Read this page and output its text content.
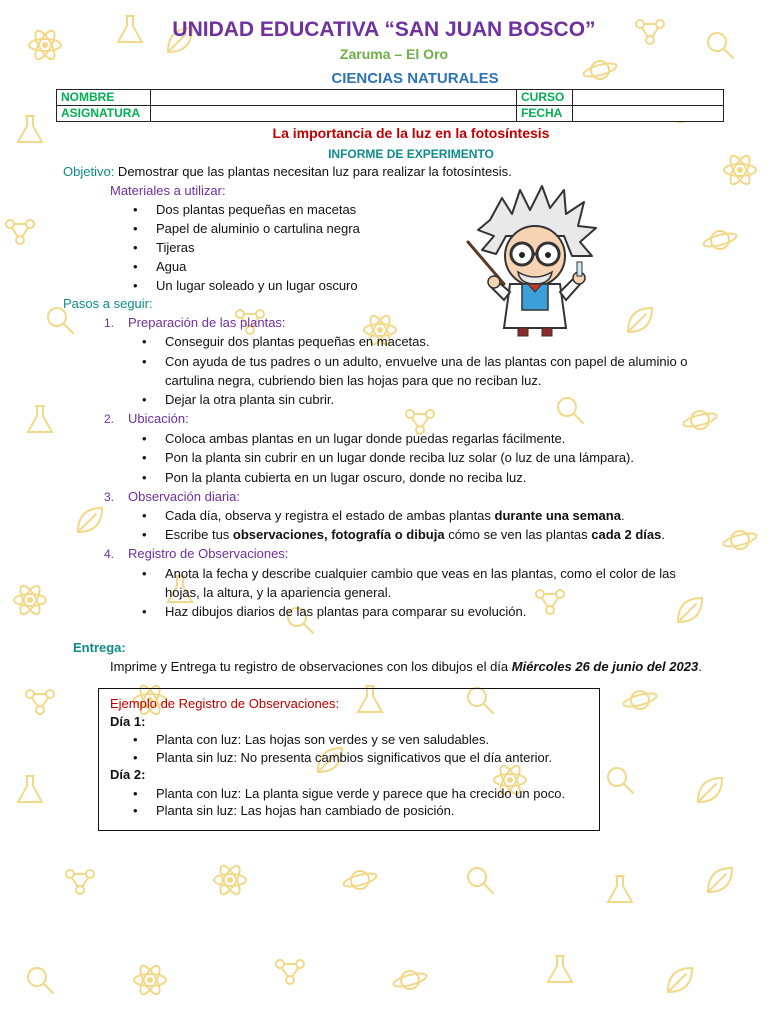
UNIDAD EDUCATIVA “SAN JUAN BOSCO”
Zaruma – El Oro
CIENCIAS NATURALES
NOMBRE		CURSO	
ASIGNATURA		FECHA	
La importancia de la luz en la fotosíntesis
INFORME DE EXPERIMENTO
Objetivo: Demostrar que las plantas necesitan luz para realizar la fotosíntesis.
Materiales a utilizar:
• Dos plantas pequeñas en macetas
• Papel de aluminio o cartulina negra
• Tijeras
• Agua
• Un lugar soleado y un lugar oscuro
Pasos a seguir:
1. Preparación de las plantas:
• Conseguir dos plantas pequeñas en macetas.
• Con ayuda de tus padres o un adulto, envuelve una de las plantas con papel de aluminio o
• Dejar la otra planta sin cubrir.
cartulina negra, cubriendo bien las hojas para que no reciban luz.
2. Ubicación:
• Coloca ambas plantas en un lugar donde puedas regarlas fácilmente.
• Pon la planta sin cubrir en un lugar donde reciba luz solar (o luz de una lámpara).
• Pon la planta cubierta en un lugar oscuro, donde no reciba luz.
3. Observación diaria:
• Cada día, observa y registra el estado de ambas plantas durante una semana.
• Escribe tus observaciones, fotografía o dibuja cómo se ven las plantas cada 2 días.
4. Registro de Observaciones:
• Anota la fecha y describe cualquier cambio que veas en las plantas, como el color de las
• Haz dibujos diarios de las plantas para comparar su evolución.
hojas, la altura, y la apariencia general.
Entrega:
Imprime y Entrega tu registro de observaciones con los dibujos el día Miércoles 26 de junio del 2023.
Ejemplo de Registro de Observaciones:
Día 1:
• Planta con luz: Las hojas son verdes y se ven saludables.
• Planta sin luz: No presenta cambios significativos que el día anterior.
Día 2:
• Planta con luz: La planta sigue verde y parece que ha crecido un poco.
• Planta sin luz: Las hojas han cambiado de posición.
